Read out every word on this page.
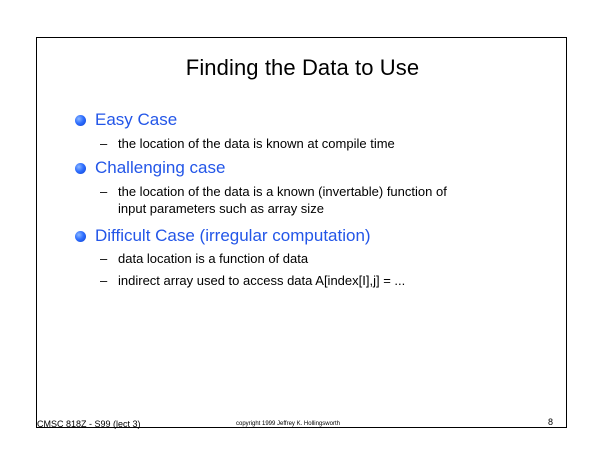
Finding the Data to Use
Easy Case
– the location of the data is known at compile time
Challenging case
– the location of the data is a known (invertable) function of
input parameters such as array size
Difficult Case (irregular computation)
– data location is a function of data
– indirect array used to access data A[index[I],j] = ...
CMSC 818Z - S99 (lect 3)	copyright 1999 Jeffrey K. Hollingsworth	8
